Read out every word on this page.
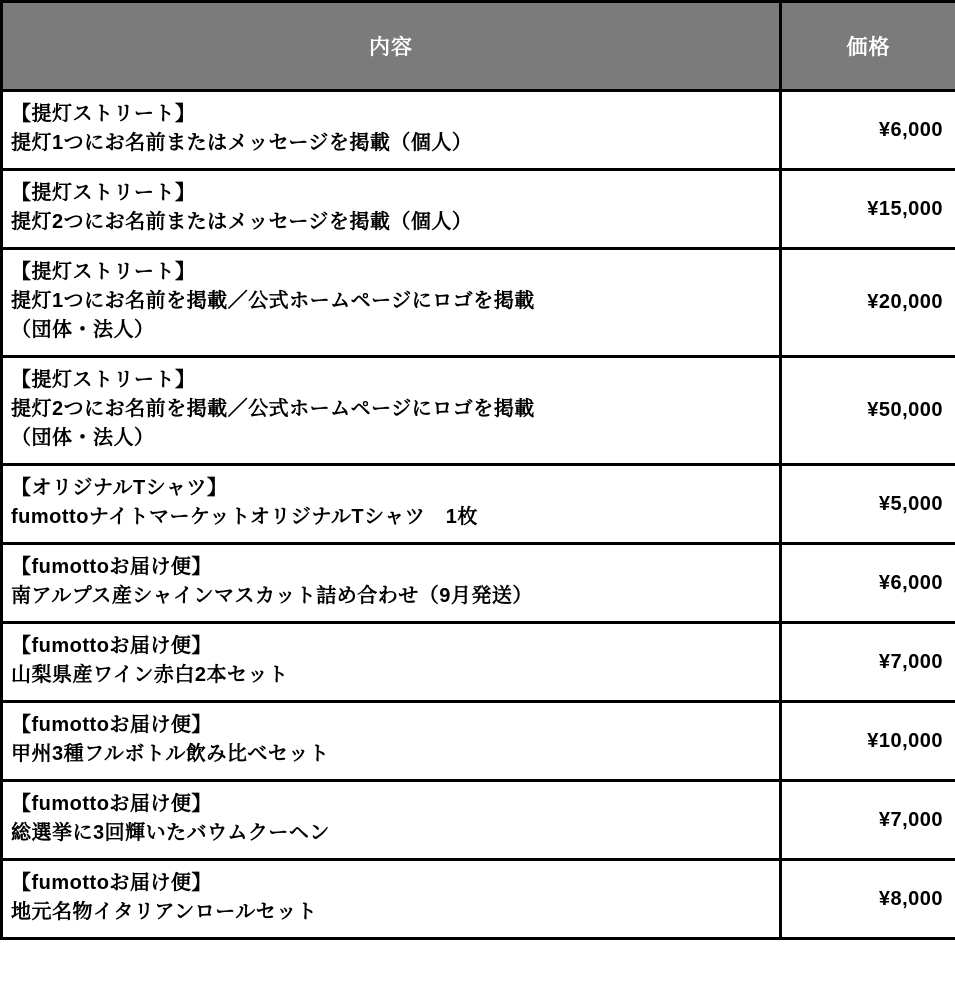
内容	価格

【提灯ストリート】
提灯1つにお名前またはメッセージを掲載（個人）	¥6,000

【提灯ストリート】
提灯2つにお名前またはメッセージを掲載（個人）	¥15,000

【提灯ストリート】
提灯1つにお名前を掲載／公式ホームページにロゴを掲載
（団体・法人）	¥20,000

【提灯ストリート】
提灯2つにお名前を掲載／公式ホームページにロゴを掲載
（団体・法人）	¥50,000

【オリジナルTシャツ】
fumottoナイトマーケットオリジナルTシャツ　1枚	¥5,000

【fumottoお届け便】
南アルプス産シャインマスカット詰め合わせ（9月発送）	¥6,000

【fumottoお届け便】
山梨県産ワイン赤白2本セット	¥7,000

【fumottoお届け便】
甲州3種フルボトル飲み比べセット	¥10,000

【fumottoお届け便】
総選挙に3回輝いたバウムクーヘン	¥7,000

【fumottoお届け便】
地元名物イタリアンロールセット	¥8,000
